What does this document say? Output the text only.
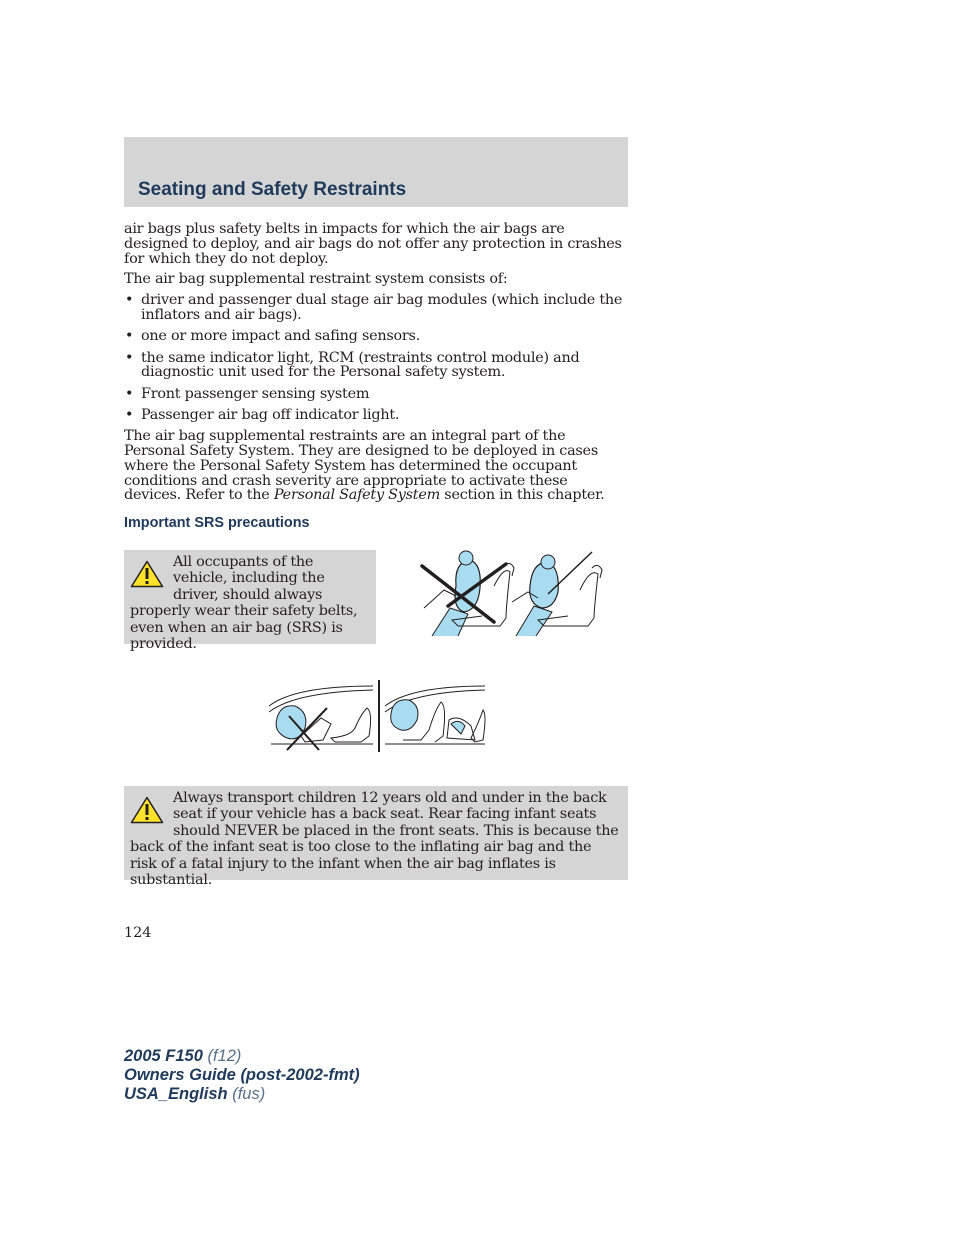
Seating and Safety Restraints

air bags plus safety belts in impacts for which the air bags are designed to deploy, and air bags do not offer any protection in crashes for which they do not deploy.

The air bag supplemental restraint system consists of:

• driver and passenger dual stage air bag modules (which include the inflators and air bags).
• one or more impact and safing sensors.
• the same indicator light, RCM (restraints control module) and diagnostic unit used for the Personal safety system.
• Front passenger sensing system
• Passenger air bag off indicator light.

The air bag supplemental restraints are an integral part of the Personal Safety System. They are designed to be deployed in cases where the Personal Safety System has determined the occupant conditions and crash severity are appropriate to activate these devices. Refer to the Personal Safety System section in this chapter.

Important SRS precautions

All occupants of the vehicle, including the driver, should always properly wear their safety belts, even when an air bag (SRS) is provided.

Always transport children 12 years old and under in the back seat if your vehicle has a back seat. Rear facing infant seats should NEVER be placed in the front seats. This is because the back of the infant seat is too close to the inflating air bag and the risk of a fatal injury to the infant when the air bag inflates is substantial.

124
2005 F150 (f12)
Owners Guide (post-2002-fmt)
USA_English (fus)
